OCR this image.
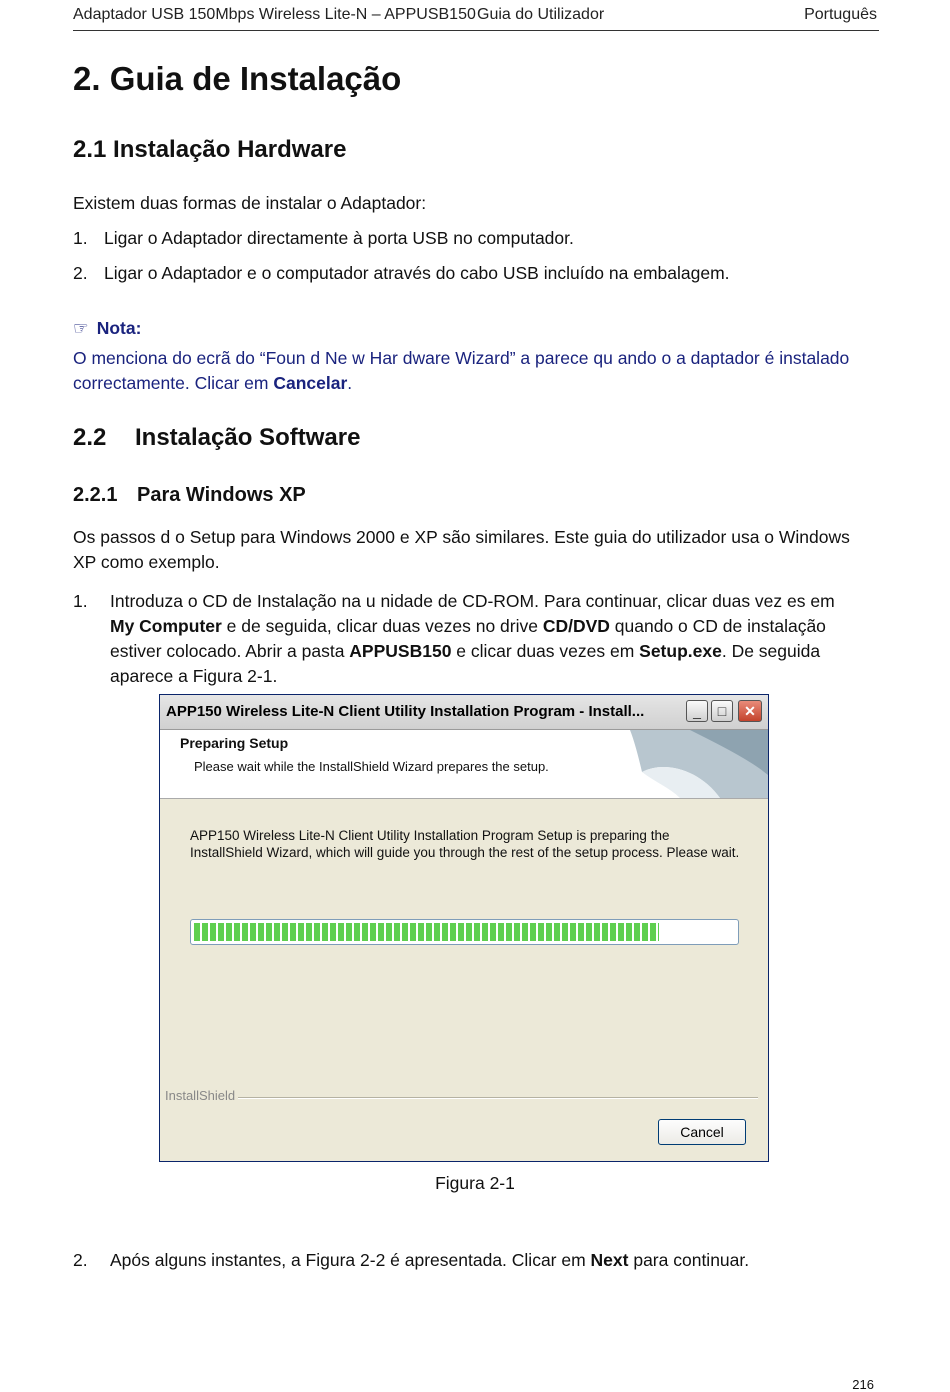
Adaptador USB 150Mbps Wireless Lite-N – APPUSB150 Guia do Utilizador	Português
2. Guia de Instalação
2.1 Instalação Hardware
Existem duas formas de instalar o Adaptador:
1. Ligar o Adaptador directamente à porta USB no computador.
2. Ligar o Adaptador e o computador através do cabo USB incluído na embalagem.
☞ Nota:
O menciona do ecrã do “Foun d Ne w Har dware Wizard” a parece qu ando o a daptador é instalado correctamente. Clicar em Cancelar.
2.2 Instalação Software
2.2.1 Para Windows XP
Os passos d o Setup para Windows 2000 e XP são similares. Este guia do utilizador usa o Windows XP como exemplo.
1. Introduza o CD de Instalação na u nidade de CD-ROM. Para continuar, clicar duas vez es em My Computer e de seguida, clicar duas vezes no drive CD/DVD quando o CD de instalação estiver colocado. Abrir a pasta APPUSB150 e clicar duas vezes em Setup.exe. De seguida aparece a Figura 2-1.
APP150 Wireless Lite-N Client Utility Installation Program - Install...	_	□	✕
Preparing Setup
Please wait while the InstallShield Wizard prepares the setup.
APP150 Wireless Lite-N Client Utility Installation Program Setup is preparing the InstallShield Wizard, which will guide you through the rest of the setup process. Please wait.
InstallShield
Cancel
Figura 2-1
2. Após alguns instantes, a Figura 2-2 é apresentada. Clicar em Next para continuar.
216
